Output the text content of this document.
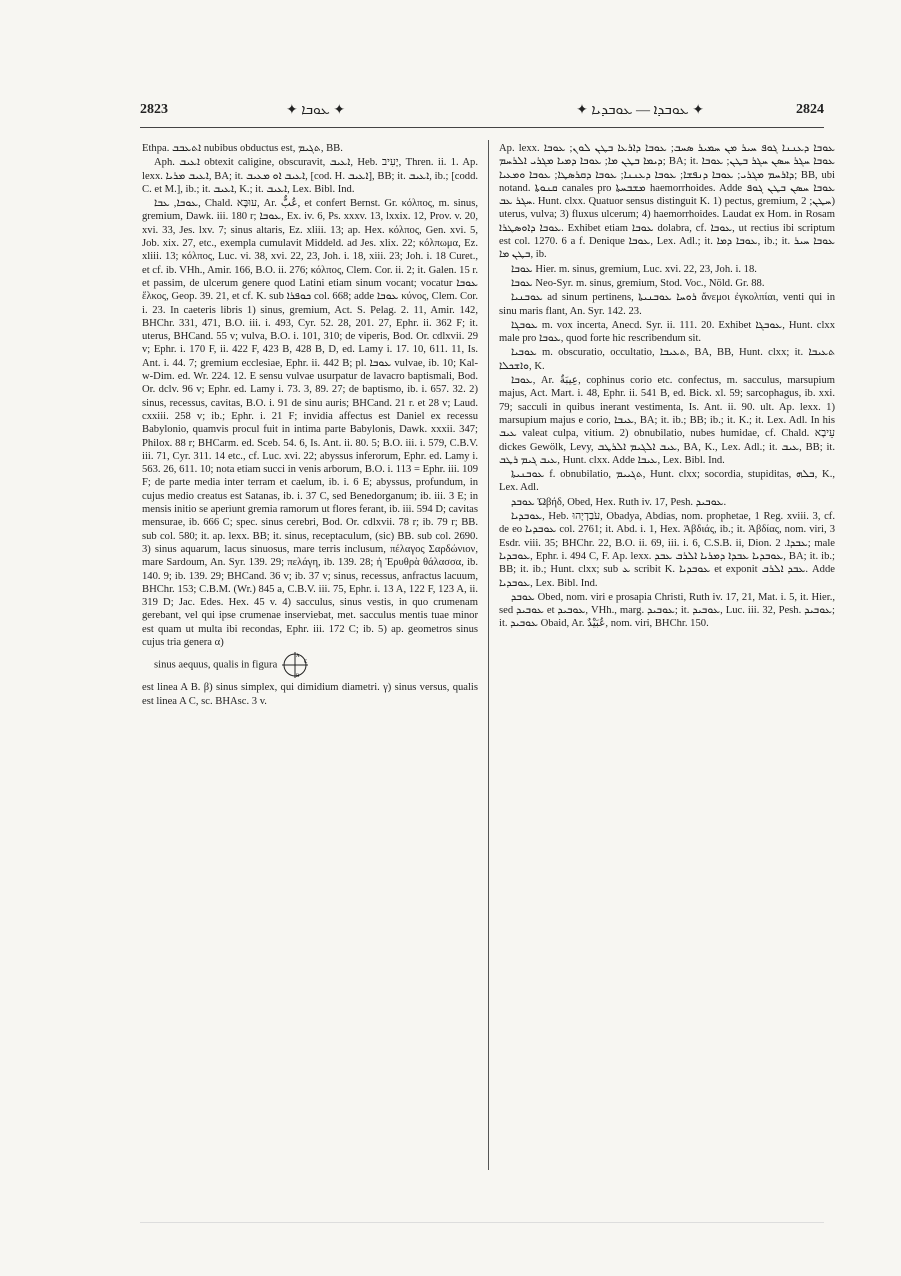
2823	✦ ܥܘܒܐ ✦	✦ ܥܘܒܕܐ — ܥܘܒܕܝܐ ✦	2824

Ethpa. ܐܬܥܒܒ nubibus obductus est, ܬܓܝܡ, BB.

Aph. ܐܥܝܒ obtexit caligine, obscuravit, ܐܥܝܒ, Heb. יָעִיב, Thren. ii. 1. Ap. lexx. ܐܥܝܒ ܡܪܝܐ, BA; it. ܐܥܝܒ ܐܘ ܡܥܝܒ, [cod. H. ܐܥܝܒ], BB; it. ܐܥܝܒ, ib.; [codd. C. et M.], ib.; it. ܐܥܝܒ, K.; it. ܐܥܝܒ, Lex. Bibl. Ind.

ܥܘܒܐ, ܥܒܐ, Chald. עוּבָּא, Ar. عُبٌّ, et confert Bernst. Gr. κόλπος, m. sinus, gremium, Dawk. iii. 180 r; ܥܘܒܐ, Ex. iv. 6, Ps. xxxv. 13, lxxix. 12, Prov. v. 20, xvi. 33, Jes. lxv. 7; sinus altaris, Ez. xliii. 13; ap. Hex. κόλπος, Gen. xvi. 5, Job. xix. 27, etc., exempla cumulavit Middeld. ad Jes. xlix. 22; κόλπωμα, Ez. xliii. 13; κόλπος, Luc. vi. 38, xvi. 22, 23, Joh. i. 18, xiii. 23; Joh. i. 18 Curet., et cf. ib. VHh., Amir. 166, B.O. ii. 276; κόλπος, Clem. Cor. ii. 2; it. Galen. 15 r. et passim, de ulcerum genere quod Latini etiam sinum vocant; vocatur ܥܘܒܐ ἕλκος, Geop. 39. 21, et cf. K. sub ܟܘܦܪܐ col. 668; adde ܥܘܒܐ κύνος, Clem. Cor. i. 23. In caeteris libris 1) sinus, gremium, Act. S. Pelag. 2. 11, Amir. 142, BHChr. 331, 471, B.O. iii. i. 493, Cyr. 52. 28, 201. 27, Ephr. ii. 362 F; it. uterus, BHCand. 55 v; vulva, B.O. i. 101, 310; de viperis, Bod. Or. cdlxvii. 29 v; Ephr. i. 170 F, ii. 422 F, 423 B, 428 B, D, ed. Lamy i. 17. 10, 611. 11, Is. Ant. i. 44. 7; gremium ecclesiae, Ephr. ii. 442 B; pl. ܥܘܒܐ vulvae, ib. 10; Kal-w-Dim. ed. Wr. 224. 12. E sensu vulvae usurpatur de lavacro baptismali, Bod. Or. dclv. 96 v; Ephr. ed. Lamy i. 73. 3, 89. 27; de baptismo, ib. i. 657. 32. 2) sinus, recessus, cavitas, B.O. i. 91 de sinu auris; BHCand. 21 r. et 28 v; Laud. cxxiii. 258 v; ib.; Ephr. i. 21 F; invidia affectus est Daniel ex recessu Babylonio, quamvis procul fuit in intima parte Babylonis, Dawk. xxxii. 347; Philox. 88 r; BHCarm. ed. Sceb. 54. 6, Is. Ant. ii. 80. 5; B.O. iii. i. 579, C.B.V. iii. 71, Cyr. 311. 14 etc., cf. Luc. xvi. 22; abyssus inferorum, Ephr. ed. Lamy i. 563. 26, 611. 10; nota etiam succi in venis arborum, B.O. i. 113 = Ephr. iii. 109 F; de parte media inter terram et caelum, ib. i. 6 E; abyssus, profundum, in cujus medio creatus est Satanas, ib. i. 37 C, sed Benedorganum; ib. iii. 3 E; in mensis initio se aperiunt gremia ramorum ut flores ferant, ib. iii. 594 D; cavitas mensurae, ib. 666 C; spec. sinus cerebri, Bod. Or. cdlxvii. 78 r; ib. 79 r; BB. sub col. 580; it. ap. lexx. BB; it. sinus, receptaculum, (sic) BB. sub col. 2690. 3) sinus aquarum, lacus sinuosus, mare terris inclusum, πέλαγος Σαρδώνιον, mare Sardoum, An. Syr. 139. 29; πελάγη, ib. 139. 28; ἡ Ἐρυθρὰ θάλασσα, ib. 140. 9; ib. 139. 29; BHCand. 36 v; ib. 37 v; sinus, recessus, anfractus lacuum, BHChr. 153; C.B.M. (Wr.) 845 a, C.B.V. iii. 75, Ephr. i. 13 A, 122 F, 123 A, ii. 319 D; Jac. Edes. Hex. 45 v. 4) sacculus, sinus vestis, in quo crumenam gerebant, vel qui ipse crumenae inserviebat, met. sacculus mentis tuae minor est quam ut multa ibi recondas, Ephr. iii. 172 C; ib. 5) ap. geometros sinus cujus tria genera α)

sinus aequus, qualis in figura
A
B
C

est linea A B. β) sinus simplex, qui dimidium diametri. γ) sinus versus, qualis est linea A C, sc. BHAsc. 3 v.

Ap. lexx. ܥܘܒܐ ܕܥܢܢܐ ܓܘܦ ܚܝܪ ܡܢ ܚܡܝܪ ܣܚܒ; ܥܘܒܐ ܕܐܪܥܐ ܒܛܢ ܠܘܢ; ܥܘܒܐ ܕܝܡܐ ܒܛܢ ܡܐ; ܥܘܒܐ ܕܡܝܐ ܡܓܪܝ ܐܠܪܚܡ; BA; it. ܥܘܒܐ ܚܓܪ ܚܣܢ ܚܓܪ ܒܛܢ; ܥܘܒܐ ܕܐܪܚܡ ܡܓܪܝ; ܥܘܒܐ ܕܢܦܫܐ; ܥܘܒܐ ܕܥܢܢܐ; ܥܘܒܐ ܕܩܪܣܛܐ; ܥܘܒܐ ܘܡܥܝܐ; BB, ubi notand. ܩܢܘܬܐ canales pro ܡܫܒܚܬܐ haemorrhoides. Adde ܥܘܒܐ ܚܣܢ ܒܛܢ ܓܘܦ ܚܓܪ ܥܒ. Hunt. clxx. Quatuor sensus distinguit K. 1) pectus, gremium, ܚܛܢ; 2) uterus, vulva; 3) fluxus ulcerum; 4) haemorrhoides. Laudat ex Hom. in Rosam ܥܘܒܐ ܕܐܘܣܛܪܐ. Exhibet etiam ܥܘܒܐ dolabra, cf. ܥܘܒܐ, ut rectius ibi scriptum est col. 1270. 6 a f. Denique ܥܘܒܐ, Lex. Adl.; it. ܥܘܒܐ ܕܡܐ, ib.; it. ܥܘܒܐ ܚܝܪ ܒܛܢ ܡܐ, ib.

ܥܘܒܐ Hier. m. sinus, gremium, Luc. xvi. 22, 23, Joh. i. 18.

ܥܘܒܐ Neo-Syr. m. sinus, gremium, Stod. Voc., Nöld. Gr. 88.

ܥܘܒܢܝܐ ad sinum pertinens, ܪܘܚܐ ܥܘܒܢܝܬܐ ἄνεμοι ἐγκολπίαι, venti qui in sinu maris flant, An. Syr. 142. 23.

ܥܘܒܓܐ m. vox incerta, Anecd. Syr. ii. 111. 20. Exhibet ܥܘܒܓܐ, Hunt. clxx male pro ܥܘܒܐ, quod forte hic rescribendum sit.

ܥܘܒܝܐ m. obscuratio, occultatio, ܬܥܝܒܐ, BA, BB, Hunt. clxx; it. ܬܥܝܒܐ ܘܐܫܟܠܐ, K.

ܥܘܒܐ, Ar. عِيبَةٌ, cophinus corio etc. confectus, m. sacculus, marsupium majus, Act. Mart. i. 48, Ephr. ii. 541 B, ed. Bick. xl. 59; sarcophagus, ib. xxi. 79; sacculi in quibus inerant vestimenta, Is. Ant. ii. 90. ult. Ap. lexx. 1) marsupium majus e corio, ܥܝܒܐ, BA; it. ib.; BB; ib.; it. K.; it. Lex. Adl. In his ܥܝܒ valeat culpa, vitium. 2) obnubilatio, nubes humidae, cf. Chald. עֵיבָא dickes Gewölk, Levy, ܥܝܒ ܐܠܓܝܡ ܐܠܪܛܒ, BA, K., Lex. Adl.; it. ܥܝܒ, BB; it. ܥܝܒ ܓܝܡ ܪܛܒ, Hunt. clxx. Adde ܥܝܒܐ, Lex. Bibl. Ind.

ܥܘܒܢܝܬܐ f. obnubilatio, ܬܓܝܝܡ, Hunt. clxx; socordia, stupiditas, ܒܠܗ, K., Lex. Adl.

ܥܘܒܕ Ὠβήδ, Obed, Hex. Ruth iv. 17, Pesh. ܥܘܒܝܕ.

ܥܘܒܕܝܐ, Heb. עֹבַדְיָהוּ, Obadya, Abdias, nom. prophetae, 1 Reg. xviii. 3, cf. de eo ܥܘܒܕܝܐ col. 2761; it. Abd. i. 1, Hex. Ἀβδιάς, ib.; it. Ἀβδίας, nom. viri, 3 Esdr. viii. 35; BHChr. 22, B.O. ii. 69, iii. i. 6, C.S.B. ii, Dion. ܥܒܕܐ. 2; male ܥܘܒܕܝܐ, Ephr. i. 494 C, F. Ap. lexx. ܥܘܒܕܝܐ ܥܒܕܐ ܕܡܪܝܐ ܐܠܪܒ ܥܒܕ, BA; it. ib.; BB; it. ib.; Hunt. clxx; sub ܥ scribit K. ܥܘܒܕܝܐ et exponit ܥܒܕ ܐܠܪܒ. Adde ܥܘܒܕܝܐ, Lex. Bibl. Ind.

ܥܘܒܕ Obed, nom. viri e prosapia Christi, Ruth iv. 17, 21, Mat. i. 5, it. Hier., sed ܥܘܒܝܕ et ܥܘܒܝܕ, VHh., marg. ܥܘܒܝܕ; it. ܥܘܒܝܕ, Luc. iii. 32, Pesh. ܥܘܒܝܕ; it. ܥܘܒܝܕ Obaid, Ar. عُبَيْدٌ, nom. viri, BHChr. 150.
